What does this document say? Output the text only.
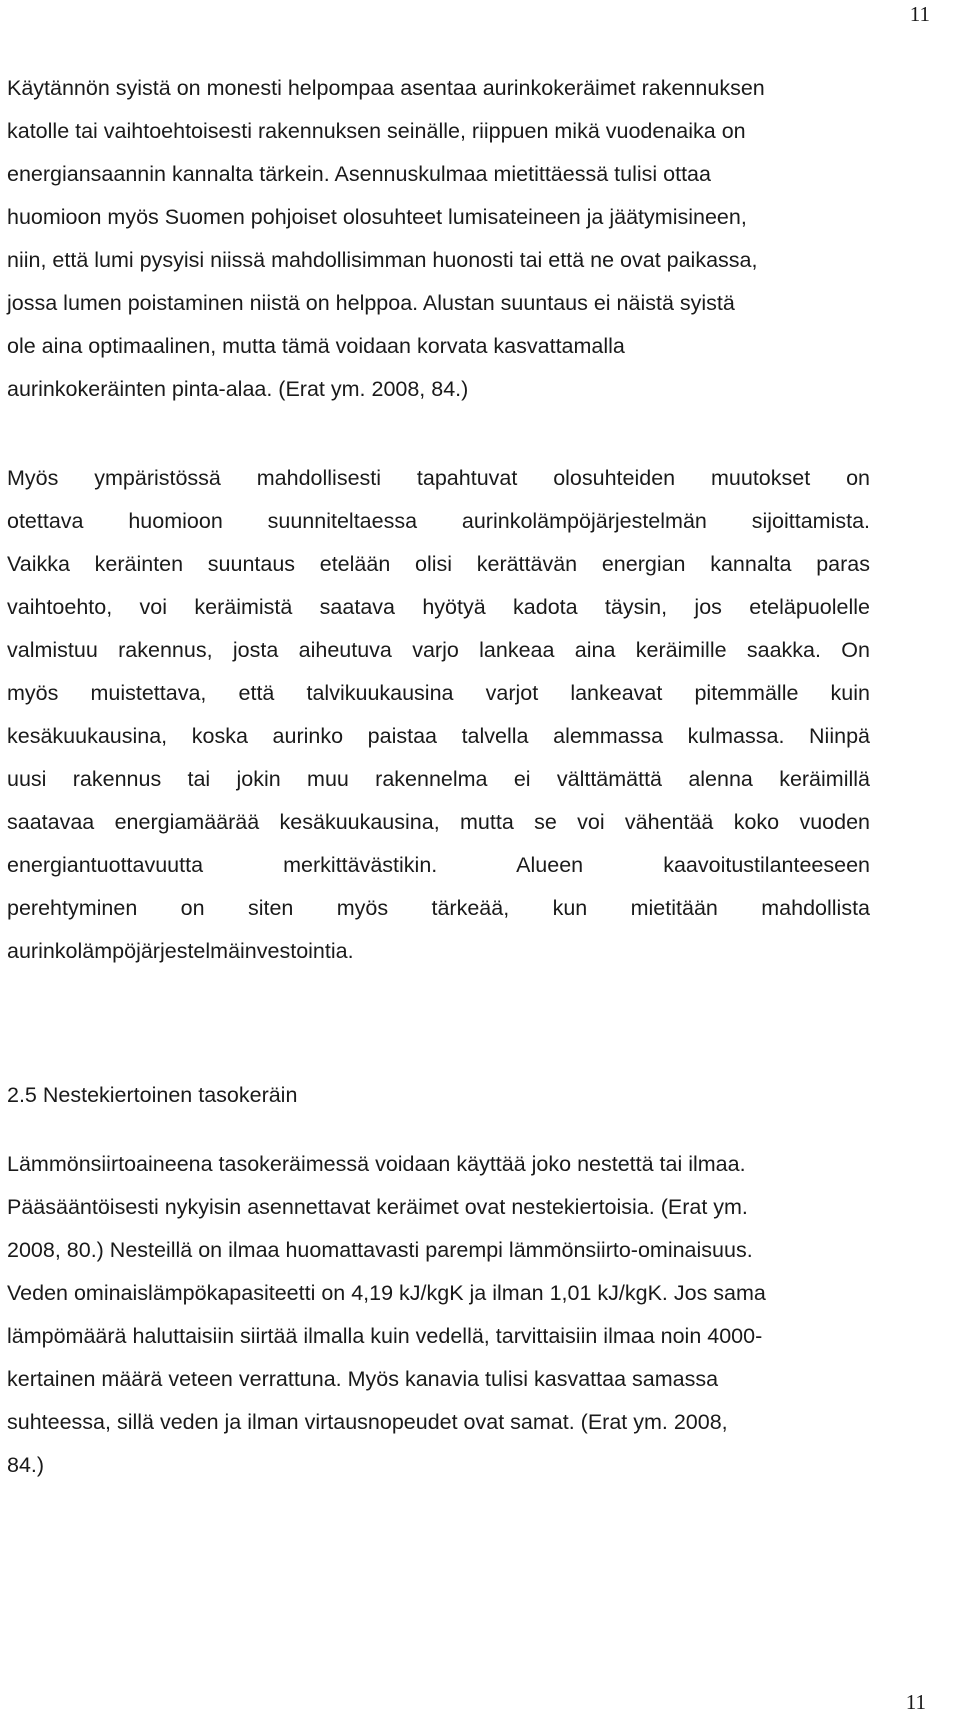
11
Käytännön syistä on monesti helpompaa asentaa aurinkokeräimet rakennuksen
katolle tai vaihtoehtoisesti rakennuksen seinälle, riippuen mikä vuodenaika on
energiansaannin kannalta tärkein. Asennuskulmaa mietittäessä tulisi ottaa
huomioon myös Suomen pohjoiset olosuhteet lumisateineen ja jäätymisineen,
niin, että lumi pysyisi niissä mahdollisimman huonosti tai että ne ovat paikassa,
jossa lumen poistaminen niistä on helppoa. Alustan suuntaus ei näistä syistä
ole aina optimaalinen, mutta tämä voidaan korvata kasvattamalla
aurinkokeräinten pinta-alaa. (Erat ym. 2008, 84.)
Myös ympäristössä mahdollisesti tapahtuvat olosuhteiden muutokset on
otettava huomioon suunniteltaessa aurinkolämpöjärjestelmän sijoittamista.
Vaikka keräinten suuntaus etelään olisi kerättävän energian kannalta paras
vaihtoehto, voi keräimistä saatava hyötyä kadota täysin, jos eteläpuolelle
valmistuu rakennus, josta aiheutuva varjo lankeaa aina keräimille saakka. On
myös muistettava, että talvikuukausina varjot lankeavat pitemmälle kuin
kesäkuukausina, koska aurinko paistaa talvella alemmassa kulmassa. Niinpä
uusi rakennus tai jokin muu rakennelma ei välttämättä alenna keräimillä
saatavaa energiamäärää kesäkuukausina, mutta se voi vähentää koko vuoden
energiantuottavuutta merkittävästikin. Alueen kaavoitustilanteeseen
perehtyminen on siten myös tärkeää, kun mietitään mahdollista
aurinkolämpöjärjestelmäinvestointia.
2.5 Nestekiertoinen tasokeräin
Lämmönsiirtoaineena tasokeräimessä voidaan käyttää joko nestettä tai ilmaa.
Pääsääntöisesti nykyisin asennettavat keräimet ovat nestekiertoisia. (Erat ym.
2008, 80.) Nesteillä on ilmaa huomattavasti parempi lämmönsiirto-ominaisuus.
Veden ominaislämpökapasiteetti on 4,19 kJ/kgK ja ilman 1,01 kJ/kgK. Jos sama
lämpömäärä haluttaisiin siirtää ilmalla kuin vedellä, tarvittaisiin ilmaa noin 4000-
kertainen määrä veteen verrattuna. Myös kanavia tulisi kasvattaa samassa
suhteessa, sillä veden ja ilman virtausnopeudet ovat samat. (Erat ym. 2008,
84.)
11
